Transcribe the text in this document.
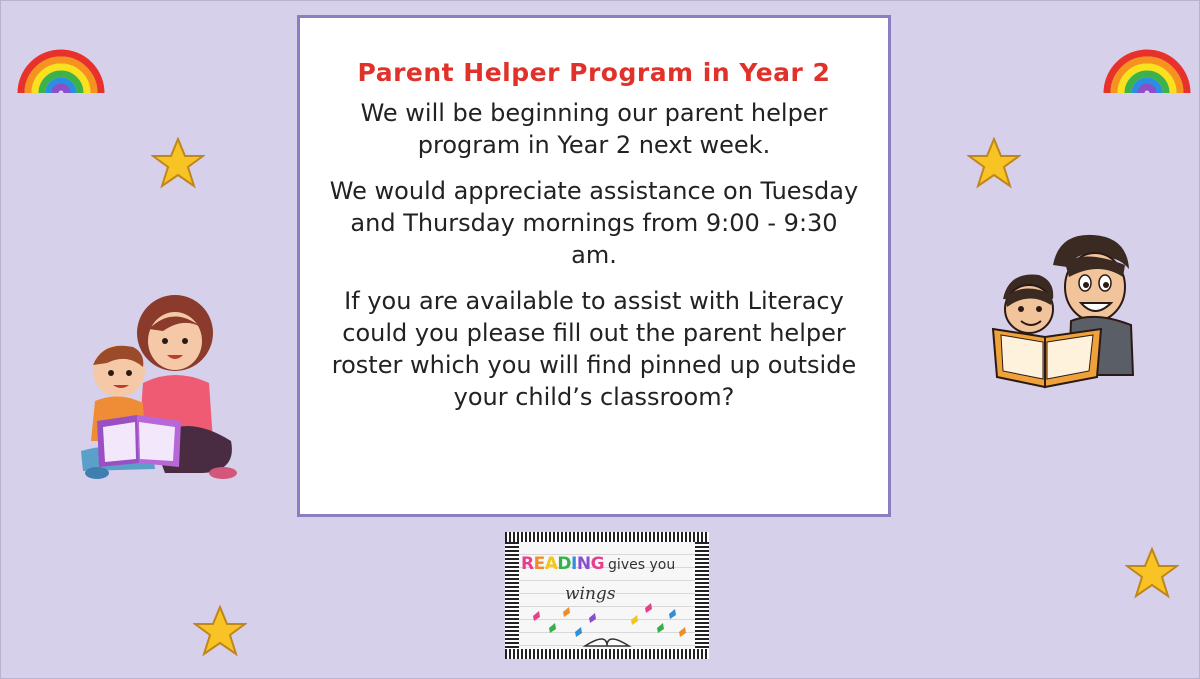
Parent Helper Program in Year 2

We will be beginning our parent helper program in Year 2 next week.

We would appreciate assistance on Tuesday and Thursday mornings from 9:00 - 9:30 am.

If you are available to assist with Literacy could you please fill out the parent helper roster which you will find pinned up outside your child’s classroom?

READING gives you
wings
